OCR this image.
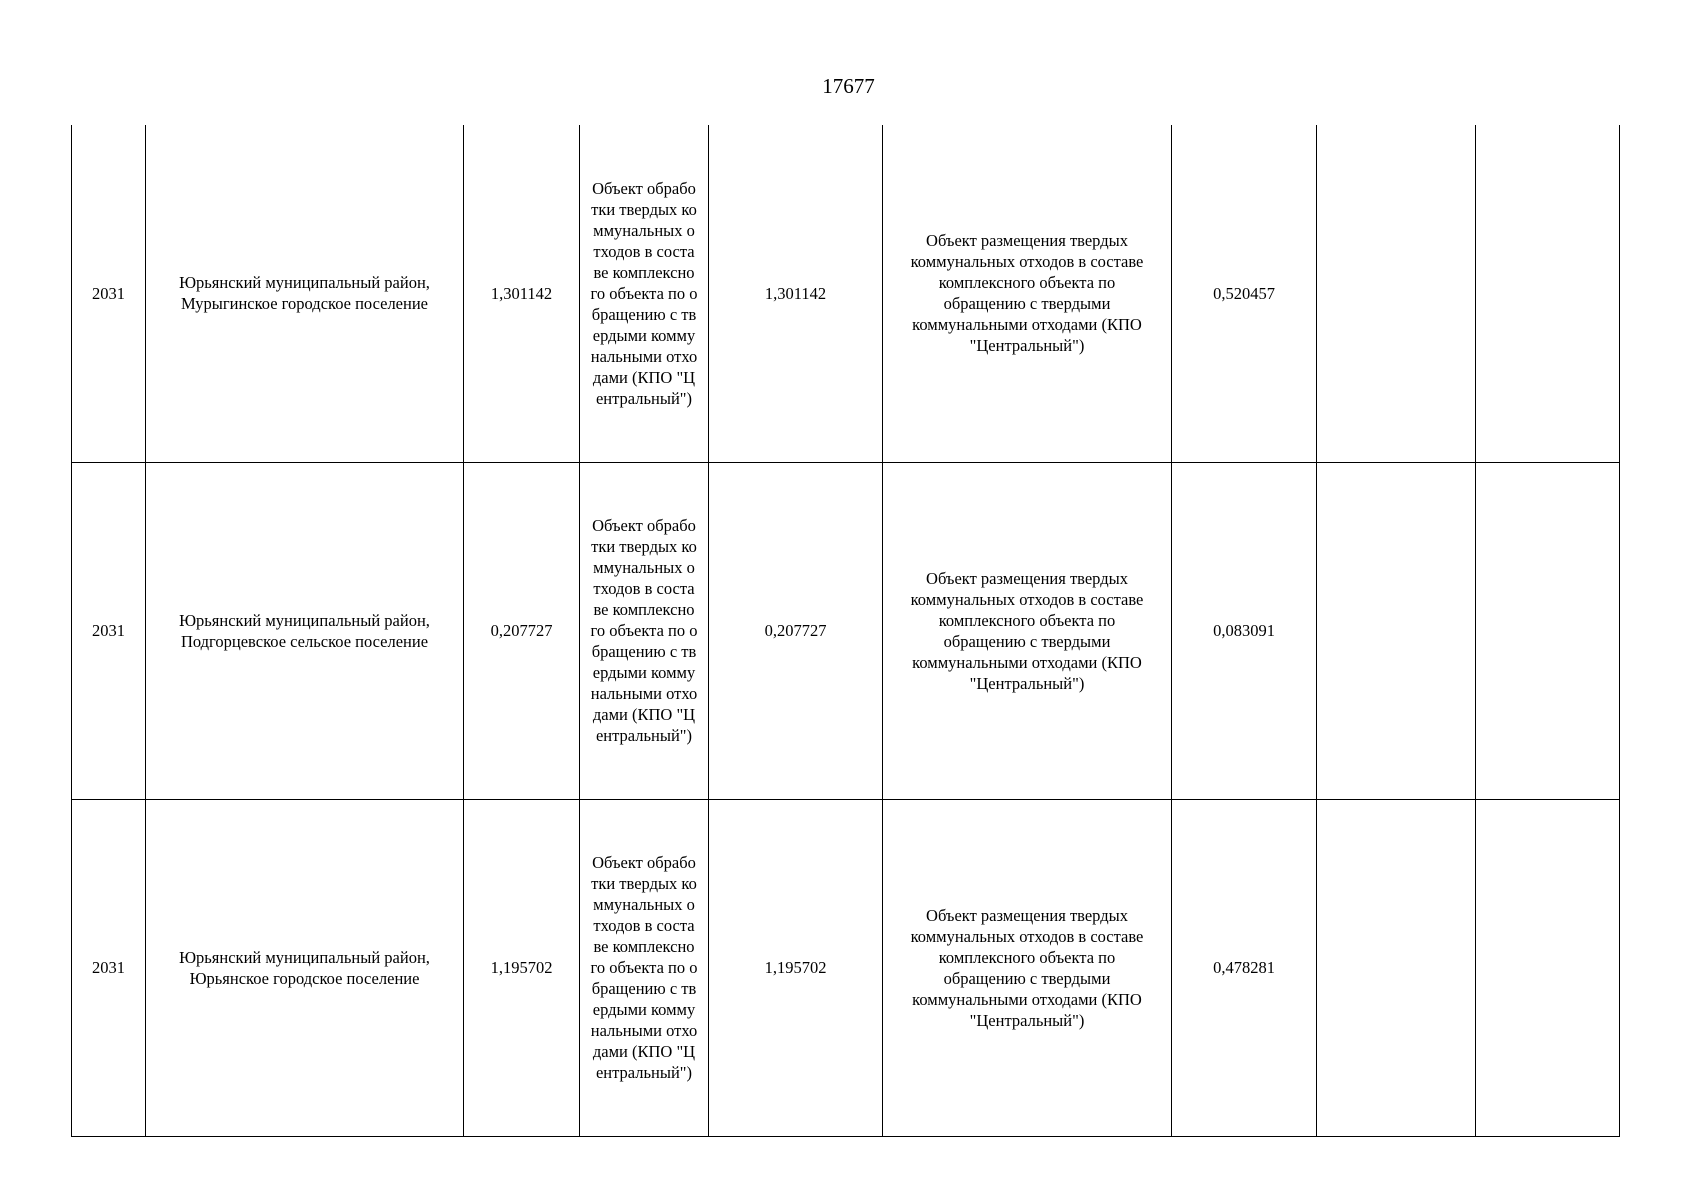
17677
2031	Юрьянский муниципальный район, Мурыгинское городское поселение	1,301142	Объект обработки твердых коммунальных отходов в составе комплексного объекта по обращению с твердыми коммунальными отходами (КПО "Центральный")	1,301142	Объект размещения твердых коммунальных отходов в составе комплексного объекта по обращению с твердыми коммунальными отходами (КПО "Центральный")	0,520457		
2031	Юрьянский муниципальный район, Подгорцевское сельское поселение	0,207727	Объект обработки твердых коммунальных отходов в составе комплексного объекта по обращению с твердыми коммунальными отходами (КПО "Центральный")	0,207727	Объект размещения твердых коммунальных отходов в составе комплексного объекта по обращению с твердыми коммунальными отходами (КПО "Центральный")	0,083091		
2031	Юрьянский муниципальный район, Юрьянское городское поселение	1,195702	Объект обработки твердых коммунальных отходов в составе комплексного объекта по обращению с твердыми коммунальными отходами (КПО "Центральный")	1,195702	Объект размещения твердых коммунальных отходов в составе комплексного объекта по обращению с твердыми коммунальными отходами (КПО "Центральный")	0,478281		
